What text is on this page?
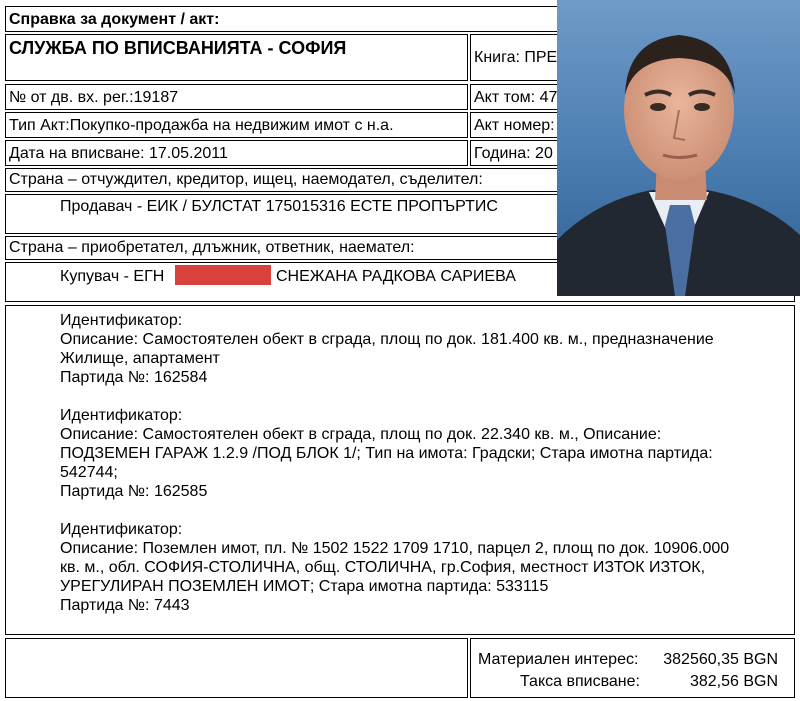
Справка за документ / акт:
СЛУЖБА ПО ВПИСВАНИЯТА - СОФИЯ	Книга: ПРЕ
№ от дв. вх. рег.:19187	Акт том: 47
Тип Акт:Покупко-продажба на недвижим имот с н.а.	Акт номер:
Дата на вписване: 17.05.2011	Година: 20
Страна – отчуждител, кредитор, ищец, наемодател, съделител:
Продавач - ЕИК / БУЛСТАТ 175015316 ЕСТЕ ПРОПЪРТИС
Страна – приобретател, длъжник, ответник, наемател:
Купувач - ЕГН	СНЕЖАНА РАДКОВА САРИЕВА
Идентификатор:
Описание: Самостоятелен обект в сграда, площ по док. 181.400 кв. м., предназначение
Жилище, апартамент
Партида №: 162584
Идентификатор:
Описание: Самостоятелен обект в сграда, площ по док. 22.340 кв. м., Описание:
ПОДЗЕМЕН ГАРАЖ 1.2.9 /ПОД БЛОК 1/; Тип на имота: Градски; Стара имотна партида:
542744;
Партида №: 162585
Идентификатор:
Описание: Поземлен имот, пл. № 1502 1522 1709 1710, парцел 2, площ по док. 10906.000
кв. м., обл. СОФИЯ-СТОЛИЧНА, общ. СТОЛИЧНА, гр.София, местност ИЗТОК ИЗТОК,
УРЕГУЛИРАН ПОЗЕМЛЕН ИМОТ; Стара имотна партида: 533115
Партида №: 7443
Материален интерес: 382560,35 BGN
Такса вписване:	382,56 BGN
